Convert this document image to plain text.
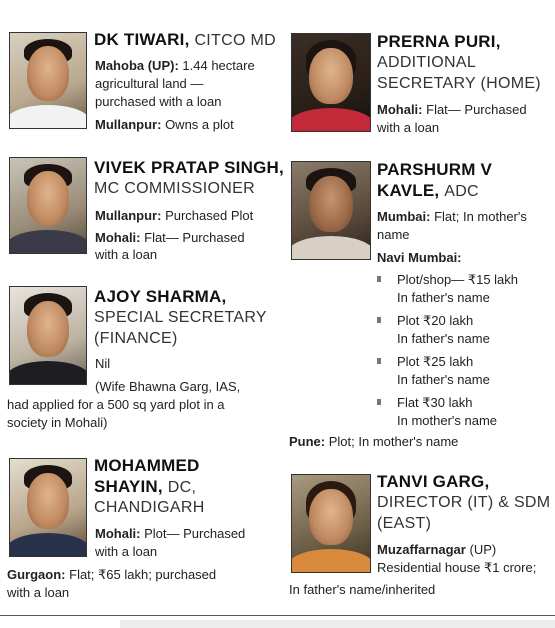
DK TIWARI, CITCO MD
Mahoba (UP): 1.44 hectare
agricultural land —
purchased with a loan
Mullanpur: Owns a plot
VIVEK PRATAP SINGH,
MC COMMISSIONER
Mullanpur: Purchased Plot
Mohali: Flat— Purchased
with a loan
AJOY SHARMA,
SPECIAL SECRETARY
(FINANCE)
Nil
(Wife Bhawna Garg, IAS,
had applied for a 500 sq yard plot in a
society in Mohali)
MOHAMMED
SHAYIN, DC,
CHANDIGARH
Mohali: Plot— Purchased
with a loan
Gurgaon: Flat; ₹65 lakh; purchased
with a loan
PRERNA PURI,
ADDITIONAL
SECRETARY (HOME)
Mohali: Flat— Purchased
with a loan
PARSHURM V
KAVLE, ADC
Mumbai: Flat; In mother's
name
Navi Mumbai:
Plot/shop— ₹15 lakh
In father's name
Plot ₹20 lakh
In father's name
Plot ₹25 lakh
In father's name
Flat ₹30 lakh
In mother's name
Pune: Plot; In mother's name
TANVI GARG,
DIRECTOR (IT) & SDM
(EAST)
Muzaffarnagar (UP)
Residential house ₹1 crore;
In father's name/inherited
